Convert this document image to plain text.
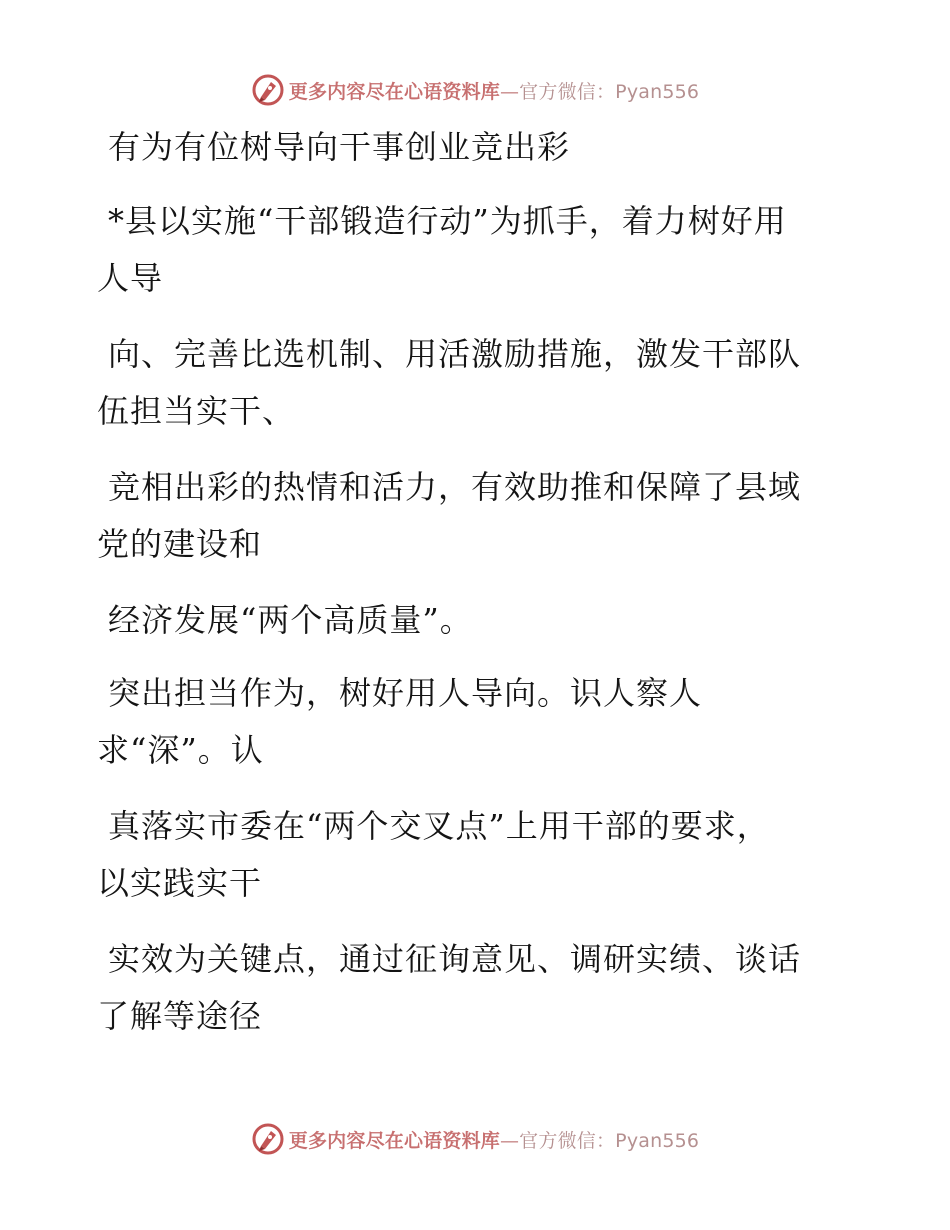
更多内容尽在心语资料库—官方微信：Pyan556
有为有位树导向干事创业竞出彩
*县以实施“干部锻造行动”为抓手，着力树好用
人导
向、完善比选机制、用活激励措施，激发干部队
伍担当实干、
竞相出彩的热情和活力，有效助推和保障了县域
党的建设和
经济发展“两个高质量”。
突出担当作为，树好用人导向。识人察人
求“深”。认
真落实市委在“两个交叉点”上用干部的要求，
以实践实干
实效为关键点，通过征询意见、调研实绩、谈话
了解等途径
更多内容尽在心语资料库—官方微信：Pyan556
